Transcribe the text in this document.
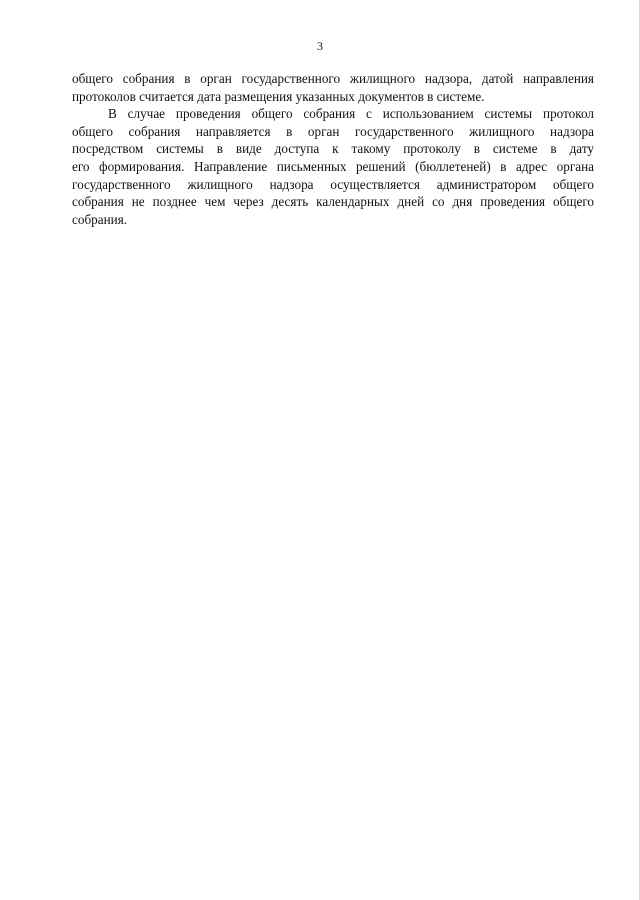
3
общего собрания в орган государственного жилищного надзора, датой направления
протоколов считается дата размещения указанных документов в системе.
В случае проведения общего собрания с использованием системы протокол
общего собрания направляется в орган государственного жилищного надзора
посредством системы в виде доступа к такому протоколу в системе в дату
его формирования. Направление письменных решений (бюллетеней) в адрес органа
государственного жилищного надзора осуществляется администратором общего
собрания не позднее чем через десять календарных дней со дня проведения общего
собрания.
